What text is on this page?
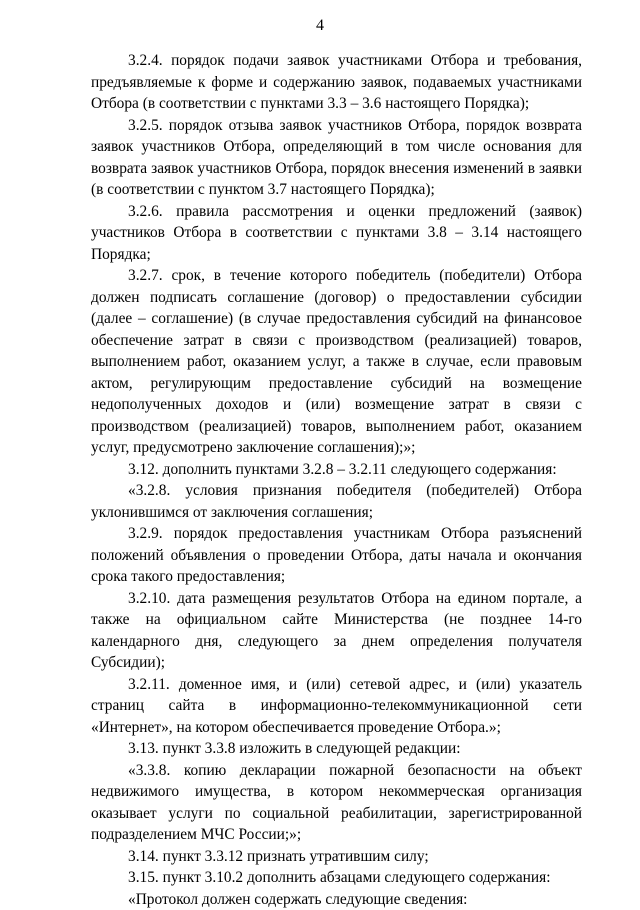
4

3.2.4. порядок подачи заявок участниками Отбора и требования, предъявляемые к форме и содержанию заявок, подаваемых участниками Отбора (в соответствии с пунктами 3.3 – 3.6 настоящего Порядка);

3.2.5. порядок отзыва заявок участников Отбора, порядок возврата заявок участников Отбора, определяющий в том числе основания для возврата заявок участников Отбора, порядок внесения изменений в заявки (в соответствии с пунктом 3.7 настоящего Порядка);

3.2.6. правила рассмотрения и оценки предложений (заявок) участников Отбора в соответствии с пунктами 3.8 – 3.14 настоящего Порядка;

3.2.7. срок, в течение которого победитель (победители) Отбора должен подписать соглашение (договор) о предоставлении субсидии (далее – соглашение) (в случае предоставления субсидий на финансовое обеспечение затрат в связи с производством (реализацией) товаров, выполнением работ, оказанием услуг, а также в случае, если правовым актом, регулирующим предоставление субсидий на возмещение недополученных доходов и (или) возмещение затрат в связи с производством (реализацией) товаров, выполнением работ, оказанием услуг, предусмотрено заключение соглашения);»;

3.12. дополнить пунктами 3.2.8 – 3.2.11 следующего содержания:

«3.2.8. условия признания победителя (победителей) Отбора уклонившимся от заключения соглашения;

3.2.9. порядок предоставления участникам Отбора разъяснений положений объявления о проведении Отбора, даты начала и окончания срока такого предоставления;

3.2.10. дата размещения результатов Отбора на едином портале, а также на официальном сайте Министерства (не позднее 14-го календарного дня, следующего за днем определения получателя Субсидии);

3.2.11. доменное имя, и (или) сетевой адрес, и (или) указатель страниц сайта в информационно-телекоммуникационной сети «Интернет», на котором обеспечивается проведение Отбора.»;

3.13. пункт 3.3.8 изложить в следующей редакции:

«3.3.8. копию декларации пожарной безопасности на объект недвижимого имущества, в котором некоммерческая организация оказывает услуги по социальной реабилитации, зарегистрированной подразделением МЧС России;»;

3.14. пункт 3.3.12 признать утратившим силу;

3.15. пункт 3.10.2 дополнить абзацами следующего содержания:

«Протокол должен содержать следующие сведения:
